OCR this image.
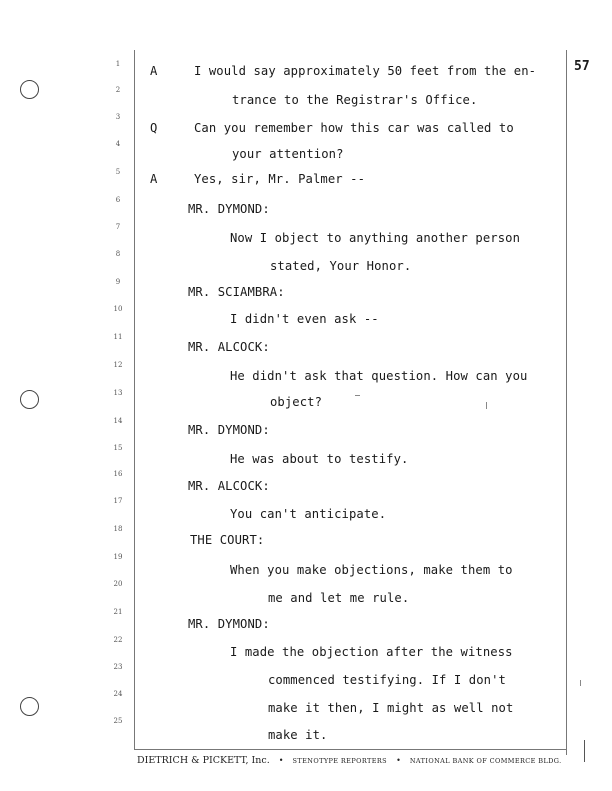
57
1
2
3
4
5
6
7
8
9
10
11
12
13
14
15
16
17
18
19
20
21
22
23
24
25
A
Q
A
I would say approximately 50 feet from the en-
trance to the Registrar's Office.
Can you remember how this car was called to
your attention?
Yes, sir, Mr. Palmer --
MR. DYMOND:
Now I object to anything another person
stated, Your Honor.
MR. SCIAMBRA:
I didn't even ask --
MR. ALCOCK:
He didn't ask that question. How can you
object?
MR. DYMOND:
He was about to testify.
MR. ALCOCK:
You can't anticipate.
THE COURT:
When you make objections, make them to
me and let me rule.
MR. DYMOND:
I made the objection after the witness
commenced testifying. If I don't
make it then, I might as well not
make it.
DIETRICH & PICKETT, Inc. • STENOTYPE REPORTERS • NATIONAL BANK OF COMMERCE BLDG.
